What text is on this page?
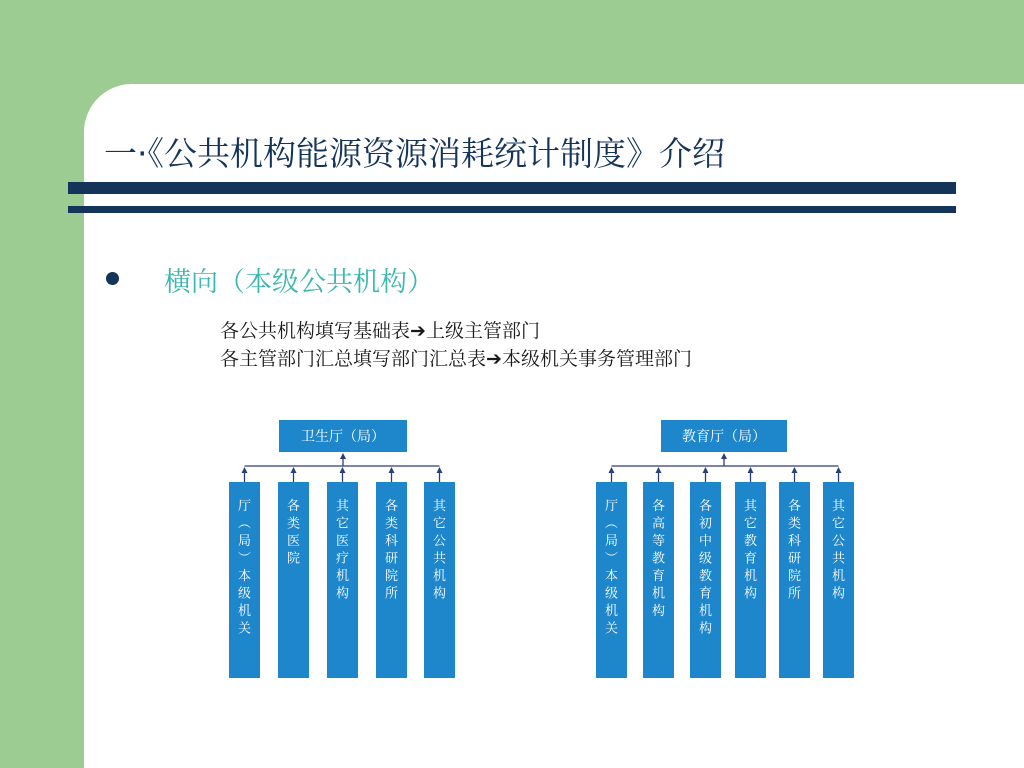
一·《公共机构能源资源消耗统计制度》介绍
横向（本级公共机构）
各公共机构填写基础表➔上级主管部门
各主管部门汇总填写部门汇总表➔本级机关事务管理部门
卫生厅（局）
厅
（
局
）
本
级
机
关
各
类
医
院
其
它
医
疗
机
构
各
类
科
研
院
所
其
它
公
共
机
构
教育厅（局）
厅
（
局
）
本
级
机
关
各
高
等
教
育
机
构
各
初
中
级
教
育
机
构
其
它
教
育
机
构
各
类
科
研
院
所
其
它
公
共
机
构
